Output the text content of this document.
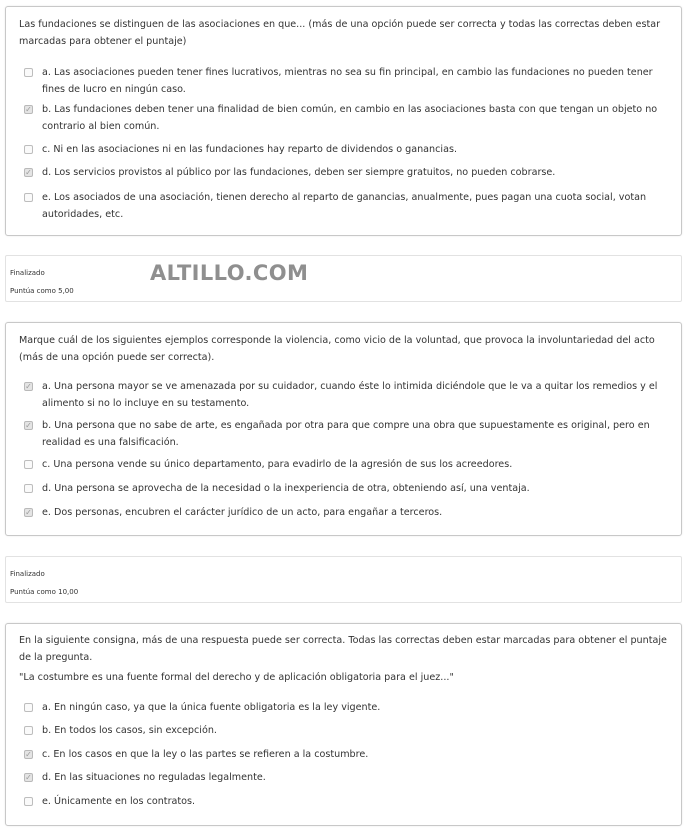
Las fundaciones se distinguen de las asociaciones en que... (más de una opción puede ser correcta y todas las correctas deben estar marcadas para obtener el puntaje)
a. Las asociaciones pueden tener fines lucrativos, mientras no sea su fin principal, en cambio las fundaciones no pueden tener fines de lucro en ningún caso.
✓ b. Las fundaciones deben tener una finalidad de bien común, en cambio en las asociaciones basta con que tengan un objeto no contrario al bien común.
c. Ni en las asociaciones ni en las fundaciones hay reparto de dividendos o ganancias.
✓ d. Los servicios provistos al público por las fundaciones, deben ser siempre gratuitos, no pueden cobrarse.
e. Los asociados de una asociación, tienen derecho al reparto de ganancias, anualmente, pues pagan una cuota social, votan autoridades, etc.
Finalizado
Puntúa como 5,00
ALTILLO.COM
Marque cuál de los siguientes ejemplos corresponde la violencia, como vicio de la voluntad, que provoca la involuntariedad del acto (más de una opción puede ser correcta).
✓ a. Una persona mayor se ve amenazada por su cuidador, cuando éste lo intimida diciéndole que le va a quitar los remedios y el alimento si no lo incluye en su testamento.
✓ b. Una persona que no sabe de arte, es engañada por otra para que compre una obra que supuestamente es original, pero en realidad es una falsificación.
c. Una persona vende su único departamento, para evadirlo de la agresión de sus los acreedores.
d. Una persona se aprovecha de la necesidad o la inexperiencia de otra, obteniendo así, una ventaja.
✓ e. Dos personas, encubren el carácter jurídico de un acto, para engañar a terceros.
Finalizado
Puntúa como 10,00
En la siguiente consigna, más de una respuesta puede ser correcta. Todas las correctas deben estar marcadas para obtener el puntaje de la pregunta.
"La costumbre es una fuente formal del derecho y de aplicación obligatoria para el juez..."
a. En ningún caso, ya que la única fuente obligatoria es la ley vigente.
b. En todos los casos, sin excepción.
✓ c. En los casos en que la ley o las partes se refieren a la costumbre.
✓ d. En las situaciones no reguladas legalmente.
e. Únicamente en los contratos.
